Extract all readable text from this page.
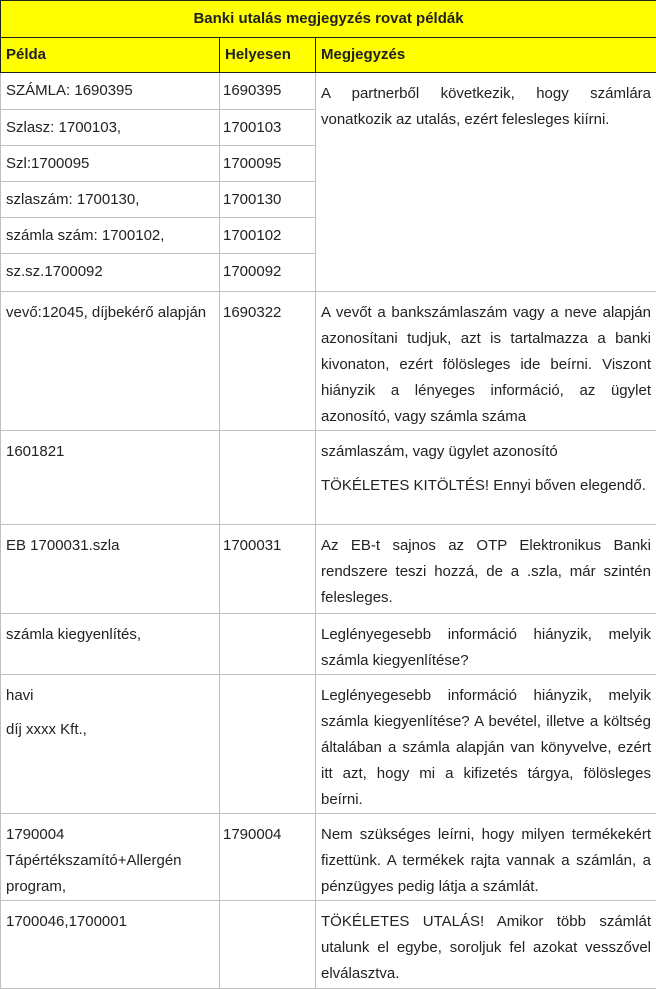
Banki utalás megjegyzés rovat példák		
Példa	Helyesen	Megjegyzés
SZÁMLA: 1690395	1690395	A partnerből következik, hogy számlára vonatkozik az utalás, ezért felesleges kiírni.

Szlasz: 1700103,	1700103	
Szl:1700095	1700095	
szlaszám: 1700130,	1700130	
számla szám: 1700102,	1700102	
sz.sz.1700092	1700092	
vevő:12045, díjbekérő alapján	1690322	A vevőt a bankszámlaszám vagy a neve alapján azonosítani tudjuk, azt is tartalmazza a banki kivonaton, ezért fölösleges ide beírni. Viszont hiányzik a lényeges információ, az ügylet azonosító, vagy számla száma
1601821		számlaszám, vagy ügylet azonosító

TÖKÉLETES KITÖLTÉS! Ennyi bőven elegendő.

EB 1700031.szla	1700031	Az EB-t sajnos az OTP Elektronikus Banki rendszere teszi hozzá, de a .szla, már szintén felesleges.
számla kiegyenlítés,		Leglényegesebb információ hiányzik, melyik számla kiegyenlítése?

havi

díj xxxx Kft.,		Leglényegesebb információ hiányzik, melyik számla kiegyenlítése? A bevétel, illetve a költség általában a számla alapján van könyvelve, ezért itt azt, hogy mi a kifizetés tárgya, fölösleges beírni.
1790004 Tápértékszamító+Allergén program,	1790004	Nem szükséges leírni, hogy milyen termékekért fizettünk. A termékek rajta vannak a számlán, a pénzügyes pedig látja a számlát.
1700046,1700001		TÖKÉLETES UTALÁS! Amikor több számlát utalunk el egybe, soroljuk fel azokat vesszővel elválasztva.
